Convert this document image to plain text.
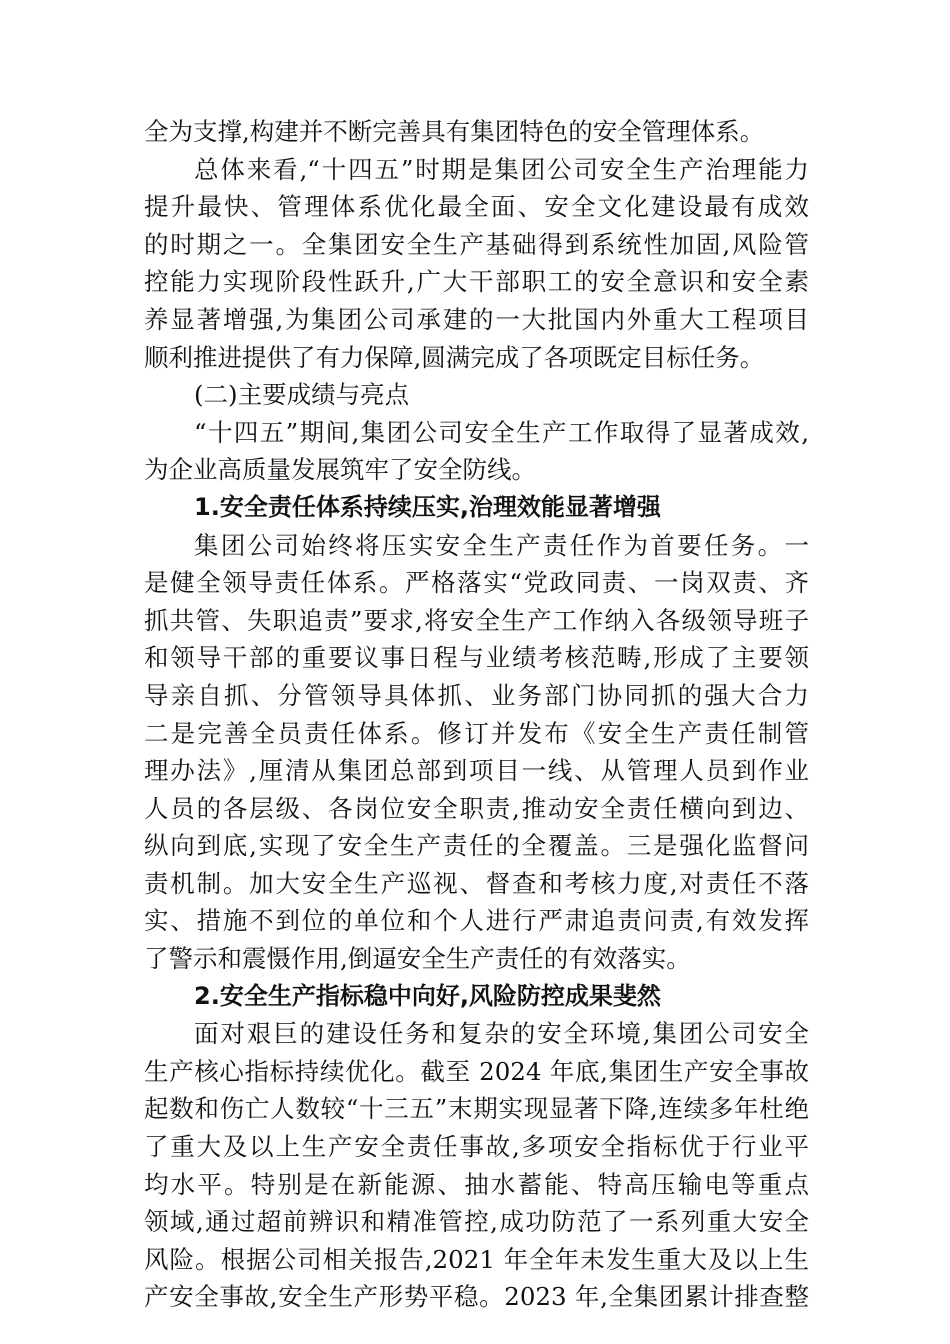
全为支撑,构建并不断完善具有集团特色的安全管理体系。
总体来看,“十四五”时期是集团公司安全生产治理能力
提升最快、管理体系优化最全面、安全文化建设最有成效
的时期之一。全集团安全生产基础得到系统性加固,风险管
控能力实现阶段性跃升,广大干部职工的安全意识和安全素
养显著增强,为集团公司承建的一大批国内外重大工程项目
顺利推进提供了有力保障,圆满完成了各项既定目标任务。
(二)主要成绩与亮点
“十四五”期间,集团公司安全生产工作取得了显著成效,
为企业高质量发展筑牢了安全防线。
1.安全责任体系持续压实,治理效能显著增强
集团公司始终将压实安全生产责任作为首要任务。一
是健全领导责任体系。严格落实“党政同责、一岗双责、齐
抓共管、失职追责”要求,将安全生产工作纳入各级领导班子
和领导干部的重要议事日程与业绩考核范畴,形成了主要领
导亲自抓、分管领导具体抓、业务部门协同抓的强大合力
二是完善全员责任体系。修订并发布《安全生产责任制管
理办法》,厘清从集团总部到项目一线、从管理人员到作业
人员的各层级、各岗位安全职责,推动安全责任横向到边、
纵向到底,实现了安全生产责任的全覆盖。三是强化监督问
责机制。加大安全生产巡视、督查和考核力度,对责任不落
实、措施不到位的单位和个人进行严肃追责问责,有效发挥
了警示和震慑作用,倒逼安全生产责任的有效落实。
2.安全生产指标稳中向好,风险防控成果斐然
面对艰巨的建设任务和复杂的安全环境,集团公司安全
生产核心指标持续优化。截至 2024 年底,集团生产安全事故
起数和伤亡人数较“十三五”末期实现显著下降,连续多年杜绝
了重大及以上生产安全责任事故,多项安全指标优于行业平
均水平。特别是在新能源、抽水蓄能、特高压输电等重点
领域,通过超前辨识和精准管控,成功防范了一系列重大安全
风险。根据公司相关报告,2021 年全年未发生重大及以上生
产安全事故,安全生产形势平稳。2023 年,全集团累计排查整
